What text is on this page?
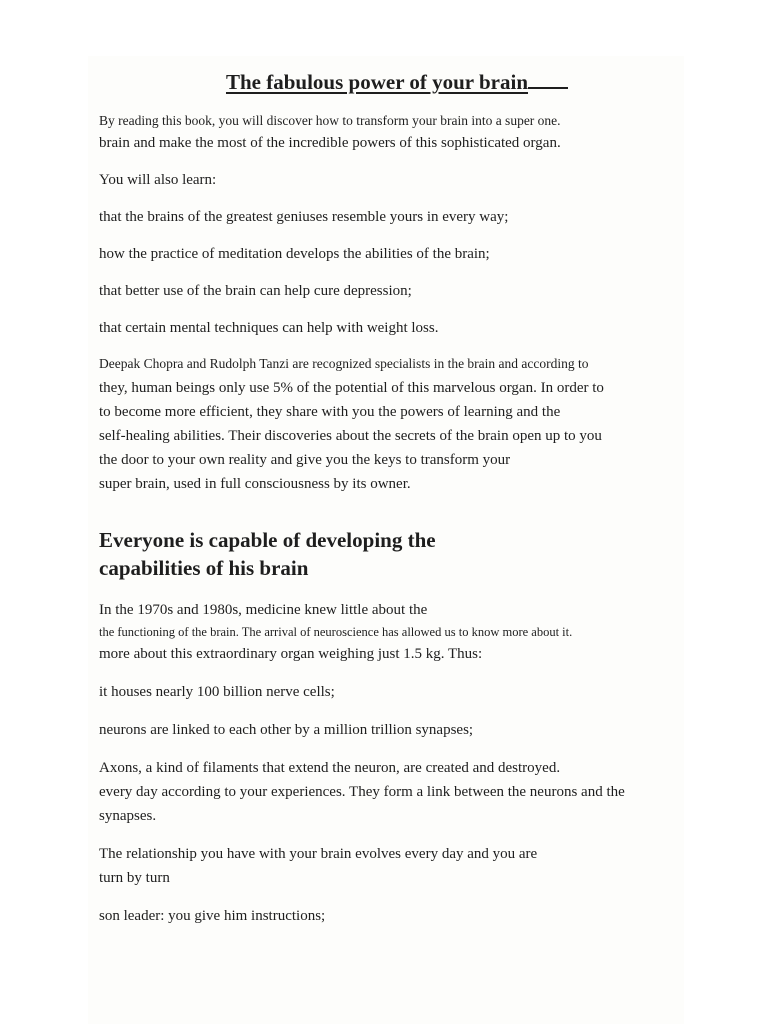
The fabulous power of your brain

By reading this book, you will discover how to transform your brain into a super one.

brain and make the most of the incredible powers of this sophisticated organ.

You will also learn:

that the brains of the greatest geniuses resemble yours in every way;

how the practice of meditation develops the abilities of the brain;

that better use of the brain can help cure depression;

that certain mental techniques can help with weight loss.

Deepak Chopra and Rudolph Tanzi are recognized specialists in the brain and according to

they, human beings only use 5% of the potential of this marvelous organ. In order to
to become more efficient, they share with you the powers of learning and the
self-healing abilities. Their discoveries about the secrets of the brain open up to you
the door to your own reality and give you the keys to transform your
super brain, used in full consciousness by its owner.

Everyone is capable of developing the
capabilities of his brain

In the 1970s and 1980s, medicine knew little about the

the functioning of the brain. The arrival of neuroscience has allowed us to know more about it.

more about this extraordinary organ weighing just 1.5 kg. Thus:

it houses nearly 100 billion nerve cells;

neurons are linked to each other by a million trillion synapses;

Axons, a kind of filaments that extend the neuron, are created and destroyed.
every day according to your experiences. They form a link between the neurons and the
synapses.

The relationship you have with your brain evolves every day and you are
turn by turn

son leader: you give him instructions;
